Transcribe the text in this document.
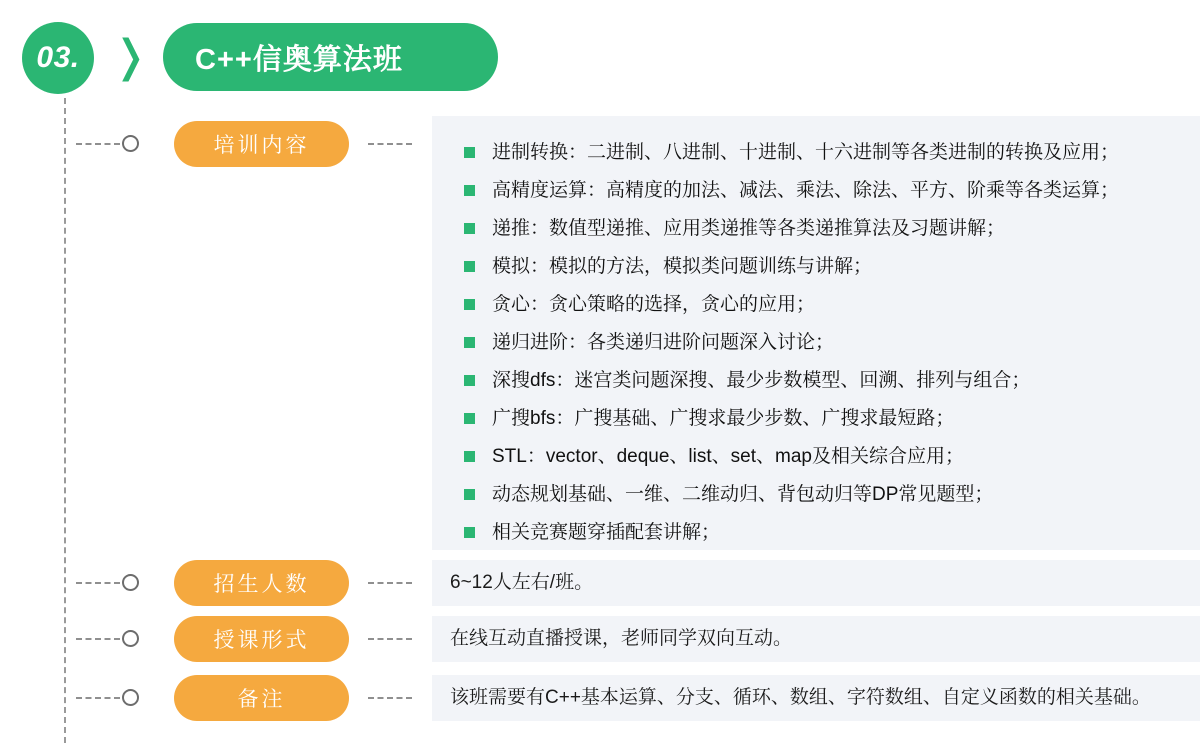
03. ❭	C++信奥算法班
培训内容	进制转换：二进制、八进制、十进制、十六进制等各类进制的转换及应用；
高精度运算：高精度的加法、减法、乘法、除法、平方、阶乘等各类运算；
递推：数值型递推、应用类递推等各类递推算法及习题讲解；
模拟：模拟的方法，模拟类问题训练与讲解；
贪心：贪心策略的选择，贪心的应用；
递归进阶：各类递归进阶问题深入讨论；
深搜dfs：迷宫类问题深搜、最少步数模型、回溯、排列与组合；
广搜bfs：广搜基础、广搜求最少步数、广搜求最短路；
STL：vector、deque、list、set、map及相关综合应用；
动态规划基础、一维、二维动归、背包动归等DP常见题型；
相关竞赛题穿插配套讲解；
招生人数	6~12人左右/班。
授课形式	在线互动直播授课，老师同学双向互动。
备注	该班需要有C++基本运算、分支、循环、数组、字符数组、自定义函数的相关基础。
